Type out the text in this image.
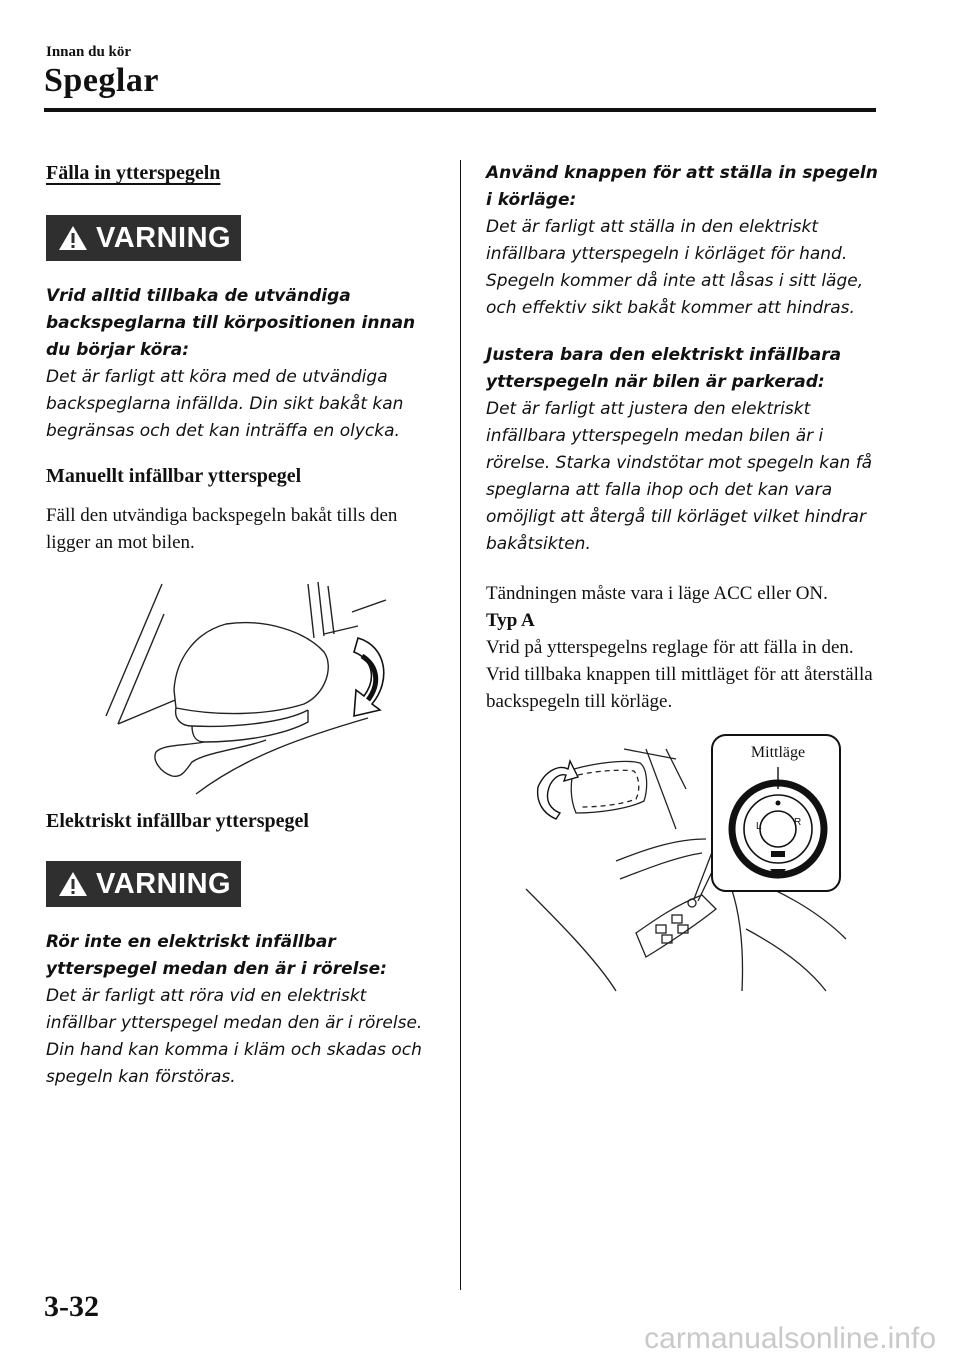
Innan du kör
Speglar

Fälla in ytterspegeln

VARNING

Vrid alltid tillbaka de utvändiga backspeglarna till körpositionen innan du börjar köra:
Det är farligt att köra med de utvändiga backspeglarna infällda. Din sikt bakåt kan begränsas och det kan inträffa en olycka.

Manuellt infällbar ytterspegel

Fäll den utvändiga backspegeln bakåt tills den ligger an mot bilen.

Elektriskt infällbar ytterspegel

VARNING

Rör inte en elektriskt infällbar ytterspegel medan den är i rörelse:
Det är farligt att röra vid en elektriskt infällbar ytterspegel medan den är i rörelse. Din hand kan komma i kläm och skadas och spegeln kan förstöras.

Använd knappen för att ställa in spegeln i körläge:
Det är farligt att ställa in den elektriskt infällbara ytterspegeln i körläget för hand. Spegeln kommer då inte att låsas i sitt läge, och effektiv sikt bakåt kommer att hindras.

Justera bara den elektriskt infällbara ytterspegeln när bilen är parkerad:
Det är farligt att justera den elektriskt infällbara ytterspegeln medan bilen är i rörelse. Starka vindstötar mot spegeln kan få speglarna att falla ihop och det kan vara omöjligt att återgå till körläget vilket hindrar bakåtsikten.

Tändningen måste vara i läge ACC eller ON.

Typ A

Vrid på ytterspegelns reglage för att fälla in den.

Vrid tillbaka knappen till mittläget för att återställa backspegeln till körläge.

L	R
Mittläge
3-32
carmanualsonline.info
